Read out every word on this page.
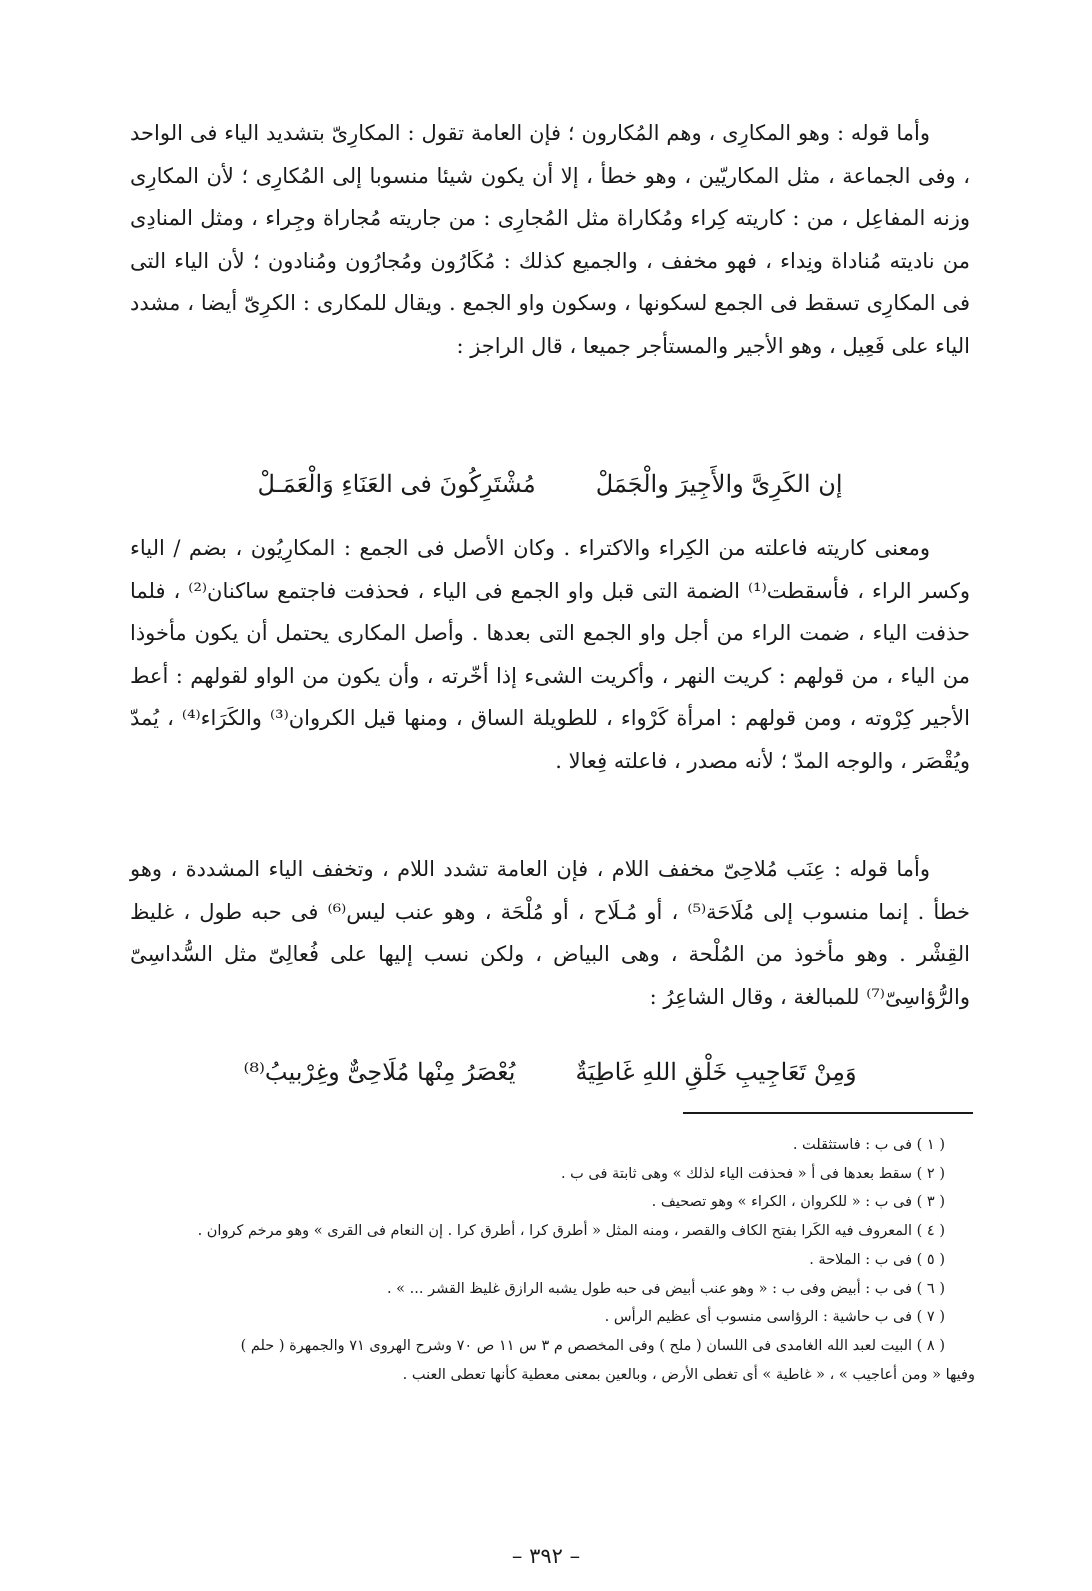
وأما قوله : وهو المكارِى ، وهم المُكارون ؛ فإن العامة تقول : المكارِىّ بتشديد الياء فى الواحد ، وفى الجماعة ، مثل المكاريّين ، وهو خطأ ، إلا أن يكون شيئا منسوبا إلى المُكارِى ؛ لأن المكارِى وزنه المفاعِل ، من : كاريته كِراء ومُكاراة مثل المُجارِى : من جاريته مُجاراة وجِراء ، ومثل المنادِى من ناديته مُناداة ونِداء ، فهو مخفف ، والجميع كذلك : مُكَارُون ومُجارُون ومُنادون ؛ لأن الياء التى فى المكارِى تسقط فى الجمع لسكونها ، وسكون واو الجمع . ويقال للمكارى : الكرِىّ أيضا ، مشدد الياء على فَعِيل ، وهو الأجير والمستأجر جميعا ، قال الراجز :

إن الكَرِىَّ والأَجِيرَ والْجَمَلْ
مُشْتَرِكُونَ فى العَنَاءِ وَالْعَمَـلْ

ومعنى كاريته فاعلته من الكِراء والاكتراء . وكان الأصل فى الجمع : المكارِيُون ، بضم / الياء وكسر الراء ، فأسقطت⁽¹⁾ الضمة التى قبل واو الجمع فى الياء ، فحذفت فاجتمع ساكنان⁽²⁾ ، فلما حذفت الياء ، ضمت الراء من أجل واو الجمع التى بعدها . وأصل المكارى يحتمل أن يكون مأخوذا من الياء ، من قولهم : كريت النهر ، وأكريت الشىء إذا أخّرته ، وأن يكون من الواو لقولهم : أعط الأجير كِرْوته ، ومن قولهم : امرأة كَرْواء ، للطويلة الساق ، ومنها قيل الكروان⁽³⁾ والكَرَاء⁽⁴⁾ ، يُمدّ ويُقْصَر ، والوجه المدّ ؛ لأنه مصدر ، فاعلته فِعالا .

وأما قوله : عِنَب مُلاحِىّ مخفف اللام ، فإن العامة تشدد اللام ، وتخفف الياء المشددة ، وهو خطأ . إنما منسوب إلى مُلَاحَة⁽⁵⁾ ، أو مُـلَاح ، أو مُلْحَة ، وهو عنب ليس⁽⁶⁾ فى حبه طول ، غليظ القِشْر . وهو مأخوذ من المُلْحة ، وهى البياض ، ولكن نسب إليها على فُعالِىّ مثل السُّداسِىّ والرُّؤاسِىّ⁽⁷⁾ للمبالغة ، وقال الشاعِرُ :

وَمِنْ تَعَاجِيبِ خَلْقِ اللهِ غَاطِيَةٌ
يُعْصَرُ مِنْها مُلَاحِىٌّ وغِرْبيبُ⁽⁸⁾

( ١ ) فى ب : فاستثقلت .

( ٢ ) سقط بعدها فى أ « فحذفت الياء لذلك » وهى ثابتة فى ب .

( ٣ ) فى ب : « للكروان ، الكراء » وهو تصحيف .

( ٤ ) المعروف فيه الكَرا بفتح الكاف والقصر ، ومنه المثل « أطرق كرا ، أطرق كرا . إن النعام فى القرى » وهو مرخم كروان .

( ٥ ) فى ب : الملاحة .

( ٦ ) فى ب : أبيض وفى ب : « وهو عنب أبيض فى حبه طول يشبه الرازق غليظ القشر ... » .

( ٧ ) فى ب حاشية : الرؤاسى منسوب أى عظيم الرأس .

( ٨ ) البيت لعبد الله الغامدى فى اللسان ( ملح ) وفى المخصص م ٣ س ١١ ص ٧٠ وشرح الهروى ٧١ والجمهرة ( حلم )

وفيها « ومن أعاجيب » ، « غاطية » أى تغطى الأرض ، وبالعين بمعنى معطية كأنها تعطى العنب .

– ٣٩٢ –
